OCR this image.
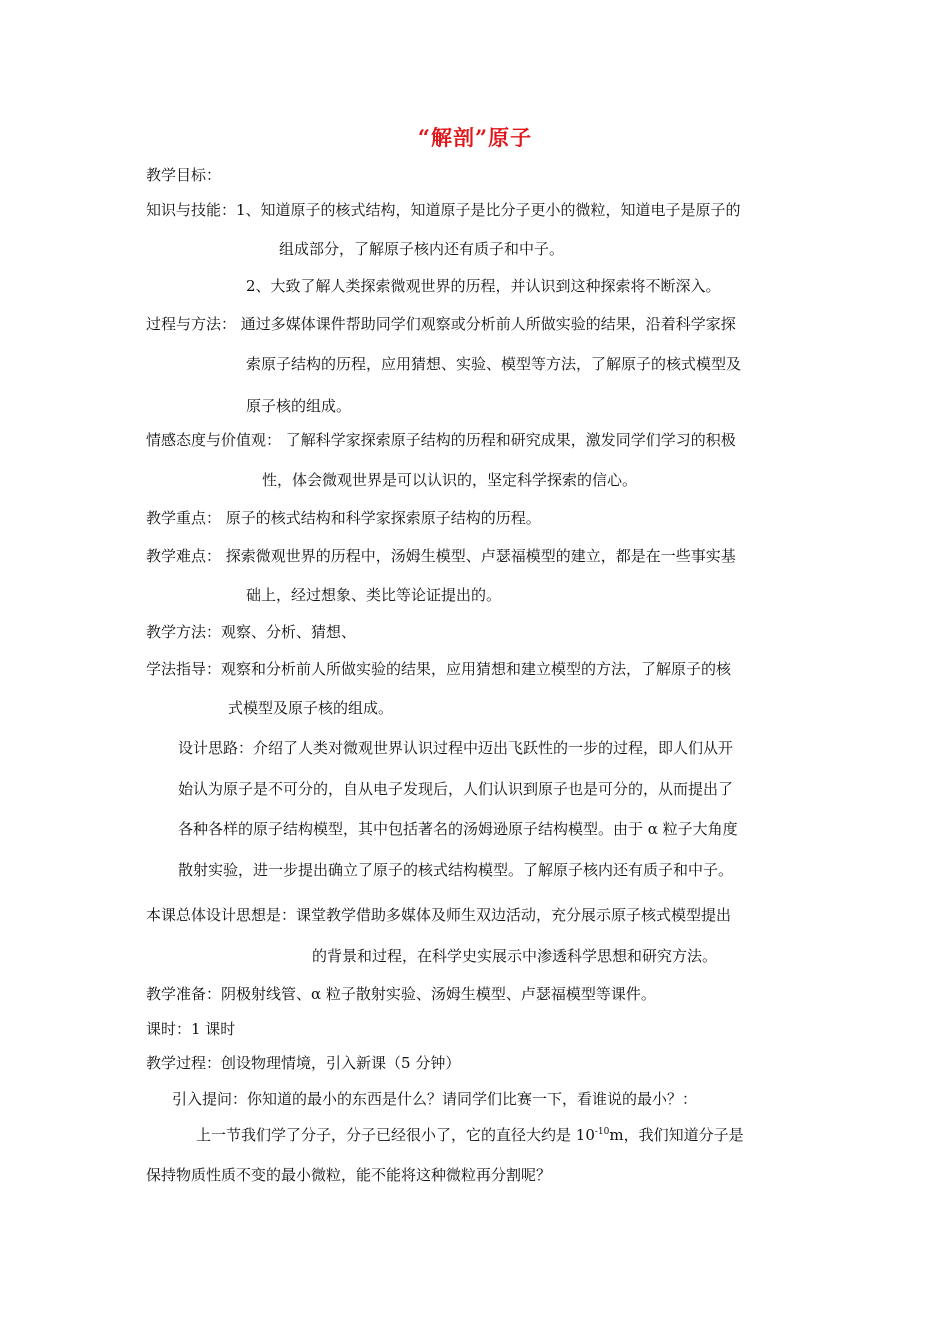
“解剖”原子
教学目标：
知识与技能：1、知道原子的核式结构，知道原子是比分子更小的微粒，知道电子是原子的
组成部分，了解原子核内还有质子和中子。
2、大致了解人类探索微观世界的历程，并认识到这种探索将不断深入。
过程与方法： 通过多媒体课件帮助同学们观察或分析前人所做实验的结果，沿着科学家探
索原子结构的历程，应用猜想、实验、模型等方法，了解原子的核式模型及
原子核的组成。
情感态度与价值观： 了解科学家探索原子结构的历程和研究成果，激发同学们学习的积极
性，体会微观世界是可以认识的，坚定科学探索的信心。
教学重点： 原子的核式结构和科学家探索原子结构的历程。
教学难点： 探索微观世界的历程中，汤姆生模型、卢瑟福模型的建立，都是在一些事实基
础上，经过想象、类比等论证提出的。
教学方法：观察、分析、猜想、
学法指导：观察和分析前人所做实验的结果，应用猜想和建立模型的方法，了解原子的核
式模型及原子核的组成。
设计思路：介绍了人类对微观世界认识过程中迈出飞跃性的一步的过程，即人们从开
始认为原子是不可分的，自从电子发现后，人们认识到原子也是可分的，从而提出了
各种各样的原子结构模型，其中包括著名的汤姆逊原子结构模型。由于 α 粒子大角度
散射实验，进一步提出确立了原子的核式结构模型。了解原子核内还有质子和中子。
本课总体设计思想是：课堂教学借助多媒体及师生双边活动，充分展示原子核式模型提出
的背景和过程，在科学史实展示中渗透科学思想和研究方法。
教学准备：阴极射线管、α 粒子散射实验、汤姆生模型、卢瑟福模型等课件。
课时：1 课时
教学过程：创设物理情境，引入新课（5 分钟）
引入提问：你知道的最小的东西是什么？请同学们比赛一下，看谁说的最小？：
上一节我们学了分子，分子已经很小了，它的直径大约是 $10^{-10}m$，我们知道分子是
保持物质性质不变的最小微粒，能不能将这种微粒再分割呢？
